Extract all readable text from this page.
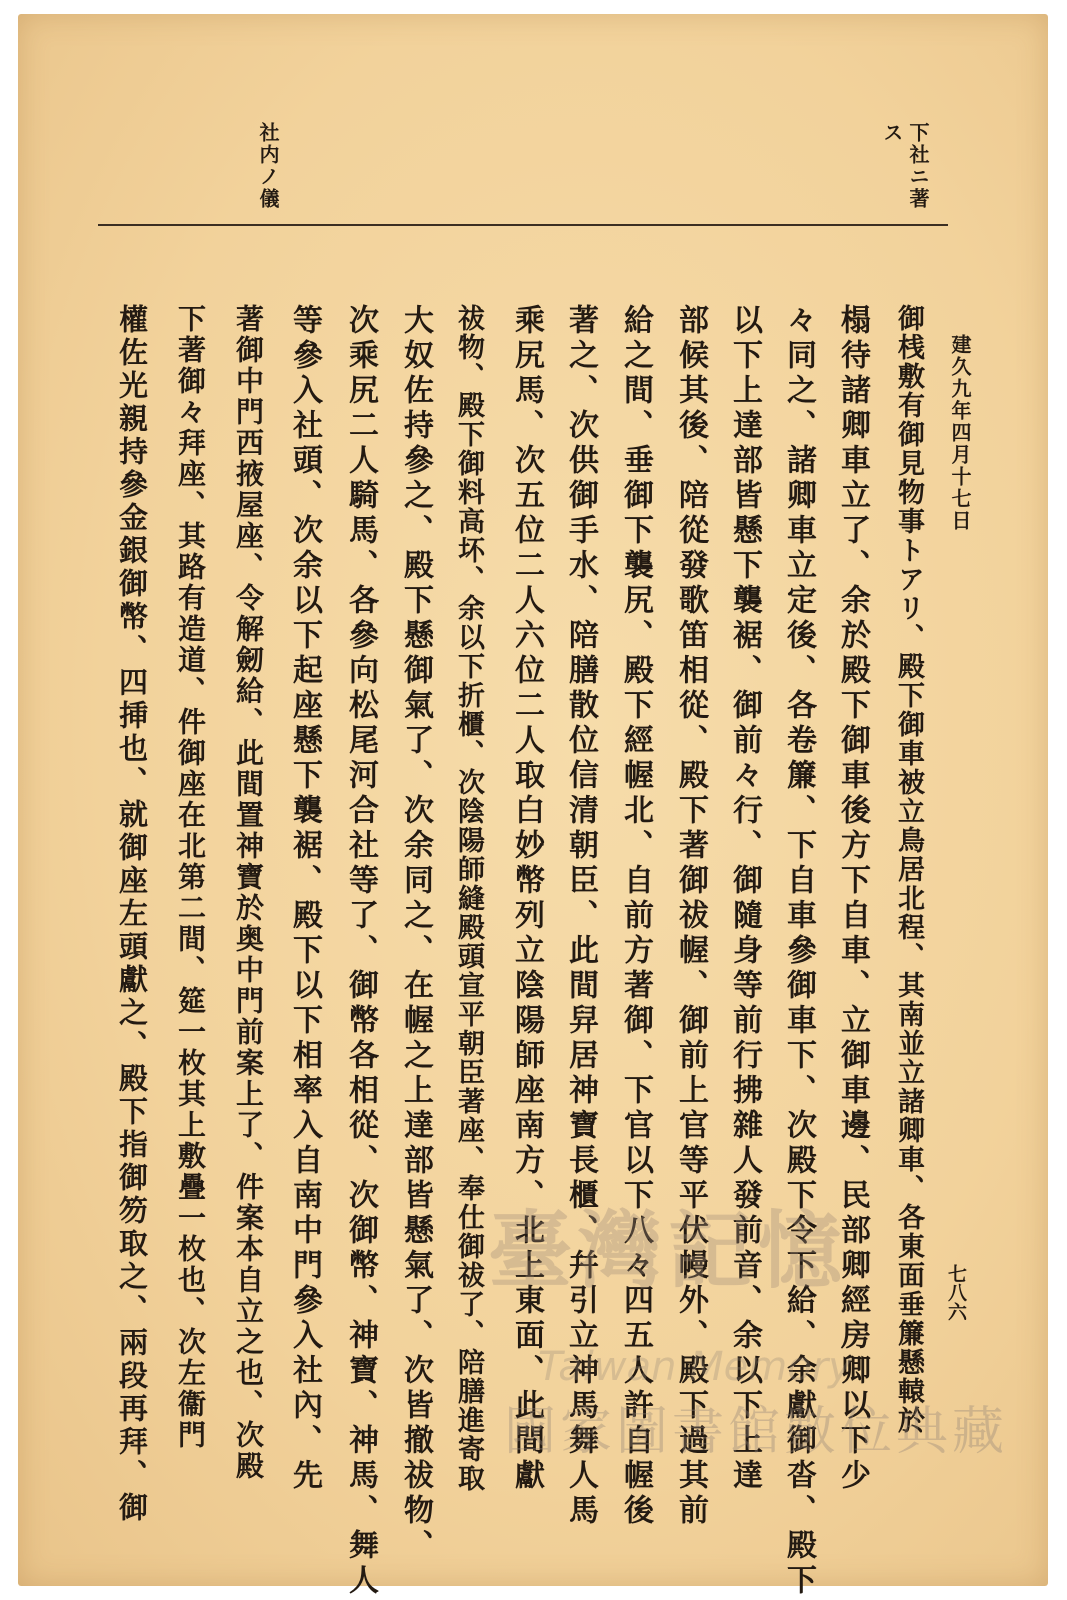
下社ニ著
ス
社内ノ儀
建久九年四月十七日
御桟敷有御見物事トアリ、殿下御車被立鳥居北程、其南並立諸卿車、各東面垂簾懸轅於
榻待諸卿車立了、余於殿下御車後方下自車、立御車邊、民部卿經房卿以下少
々同之、諸卿車立定後、各卷簾、下自車參御車下、次殿下令下給、余獻御沓、殿下
以下上達部皆懸下襲裾、御前々行、御隨身等前行拂雜人發前音、余以下上達
部候其後、陪從發歌笛相從、殿下著御祓幄、御前上官等平伏幔外、殿下過其前
給之間、垂御下襲尻、殿下經幄北、自前方著御、下官以下八々四五人許自幄後
著之、次供御手水、陪膳散位信清朝臣、此間舁居神寶長櫃、幷引立神馬舞人馬
乘尻馬、次五位二人六位二人取白妙幣列立陰陽師座南方、北上東面、此間獻
祓物、殿下御料高坏、余以下折櫃、次陰陽師縫殿頭宣平朝臣著座、奉仕御祓了、陪膳進寄取
大奴佐持參之、殿下懸御氣了、次余同之、在幄之上達部皆懸氣了、次皆撤祓物、
次乘尻二人騎馬、各參向松尾河合社等了、御幣各相從、次御幣、神寶、神馬、舞人
等參入社頭、次余以下起座懸下襲裾、殿下以下相率入自南中門參入社內、先
著御中門西掖屋座、令解劒給、此間置神寶於奥中門前案上了、件案本自立之也、次殿
下著御々拜座、其路有造道、件御座在北第二間、筵一枚其上敷疊一枚也、次左衞門
權佐光親持參金銀御幣、四挿也、就御座左頭獻之、殿下指御笏取之、兩段再拜、御	七八六
臺灣記憶
Taiwan Memory
國家圖書館數位典藏
